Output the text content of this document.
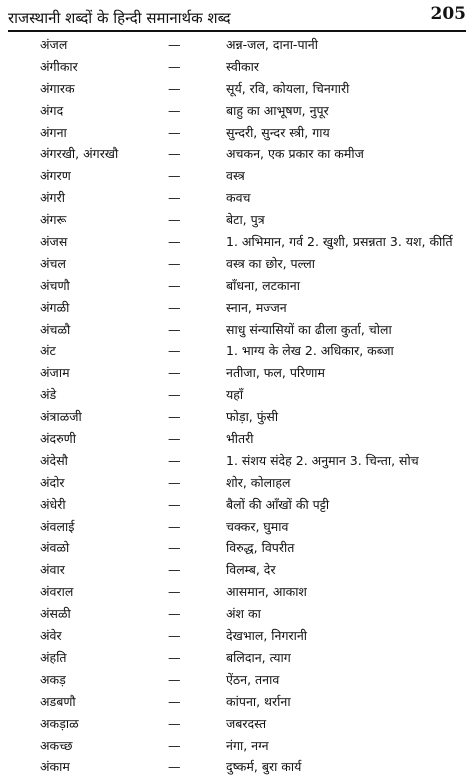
राजस्थानी शब्दों के हिन्दी समानार्थक शब्द	205
अंजल	—	अन्न-जल, दाना-पानी
अंगीकार	—	स्वीकार
अंगारक	—	सूर्य, रवि, कोयला, चिनगारी
अंगद	—	बाहु का आभूषण, नुपूर
अंगना	—	सुन्दरी, सुन्दर स्त्री, गाय
अंगरखी, अंगरखौ	—	अचकन, एक प्रकार का कमीज
अंगरण	—	वस्त्र
अंगरी	—	कवच
अंगरू	—	बेटा, पुत्र
अंजस	—	1. अभिमान, गर्व 2. खुशी, प्रसन्नता 3. यश, कीर्ति
अंचल	—	वस्त्र का छोर, पल्ला
अंचणौ	—	बाँधना, लटकाना
अंगळी	—	स्नान, मज्जन
अंचळौ	—	साधु संन्यासियों का ढीला कुर्ता, चोला
अंट	—	1. भाग्य के लेख 2. अधिकार, कब्जा
अंजाम	—	नतीजा, फल, परिणाम
अंडे	—	यहाँ
अंत्राळजी	—	फोड़ा, फुंसी
अंदरुणी	—	भीतरी
अंदेसौ	—	1. संशय संदेह 2. अनुमान 3. चिन्ता, सोच
अंदोर	—	शोर, कोलाहल
अंधेरी	—	बैलों की आँखों की पट्टी
अंवलाई	—	चक्कर, घुमाव
अंवळो	—	विरुद्ध, विपरीत
अंवार	—	विलम्ब, देर
अंवराल	—	आसमान, आकाश
अंसळी	—	अंश का
अंवेर	—	देखभाल, निगरानी
अंहति	—	बलिदान, त्याग
अकड़	—	ऐंठन, तनाव
अडबणौ	—	कांपना, थर्राना
अकड़ाळ	—	जबरदस्त
अकच्छ	—	नंगा, नग्न
अंकाम	—	दुष्कर्म, बुरा कार्य
